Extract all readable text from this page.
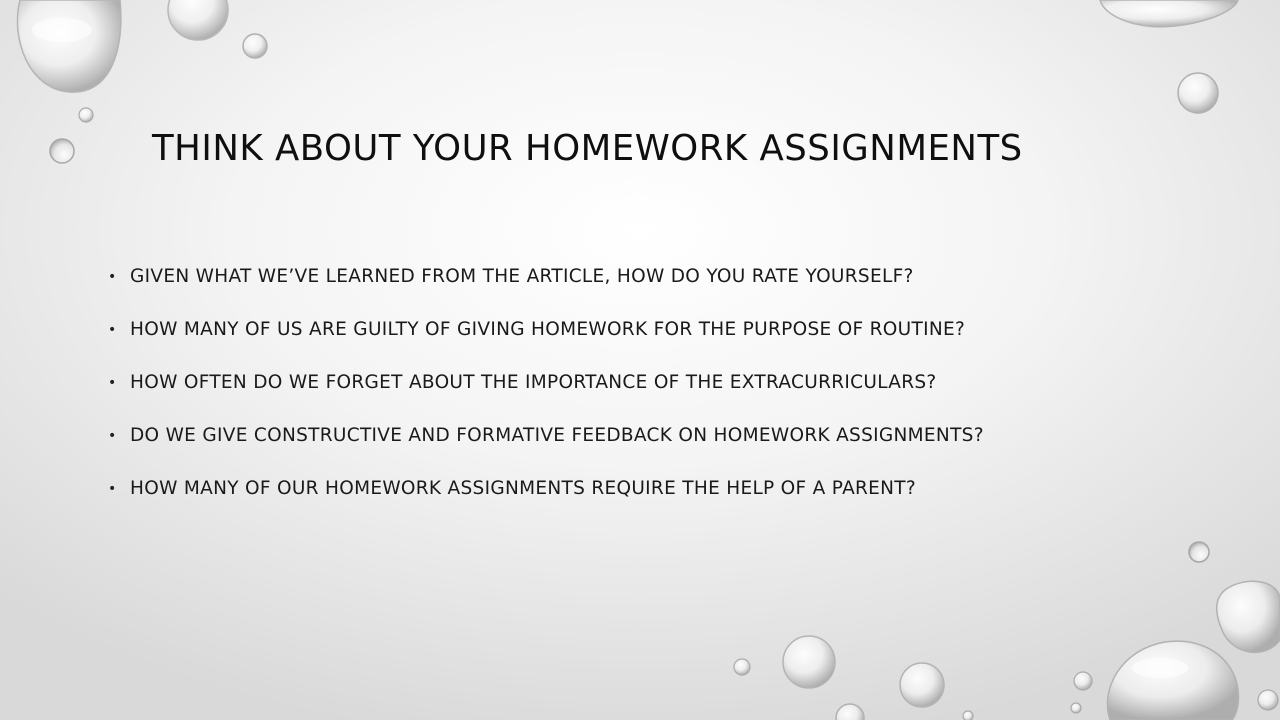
THINK ABOUT YOUR HOMEWORK ASSIGNMENTS
• GIVEN WHAT WE’VE LEARNED FROM THE ARTICLE, HOW DO YOU RATE YOURSELF?
• HOW MANY OF US ARE GUILTY OF GIVING HOMEWORK FOR THE PURPOSE OF ROUTINE?
• HOW OFTEN DO WE FORGET ABOUT THE IMPORTANCE OF THE EXTRACURRICULARS?
• DO WE GIVE CONSTRUCTIVE AND FORMATIVE FEEDBACK ON HOMEWORK ASSIGNMENTS?
• HOW MANY OF OUR HOMEWORK ASSIGNMENTS REQUIRE THE HELP OF A PARENT?
